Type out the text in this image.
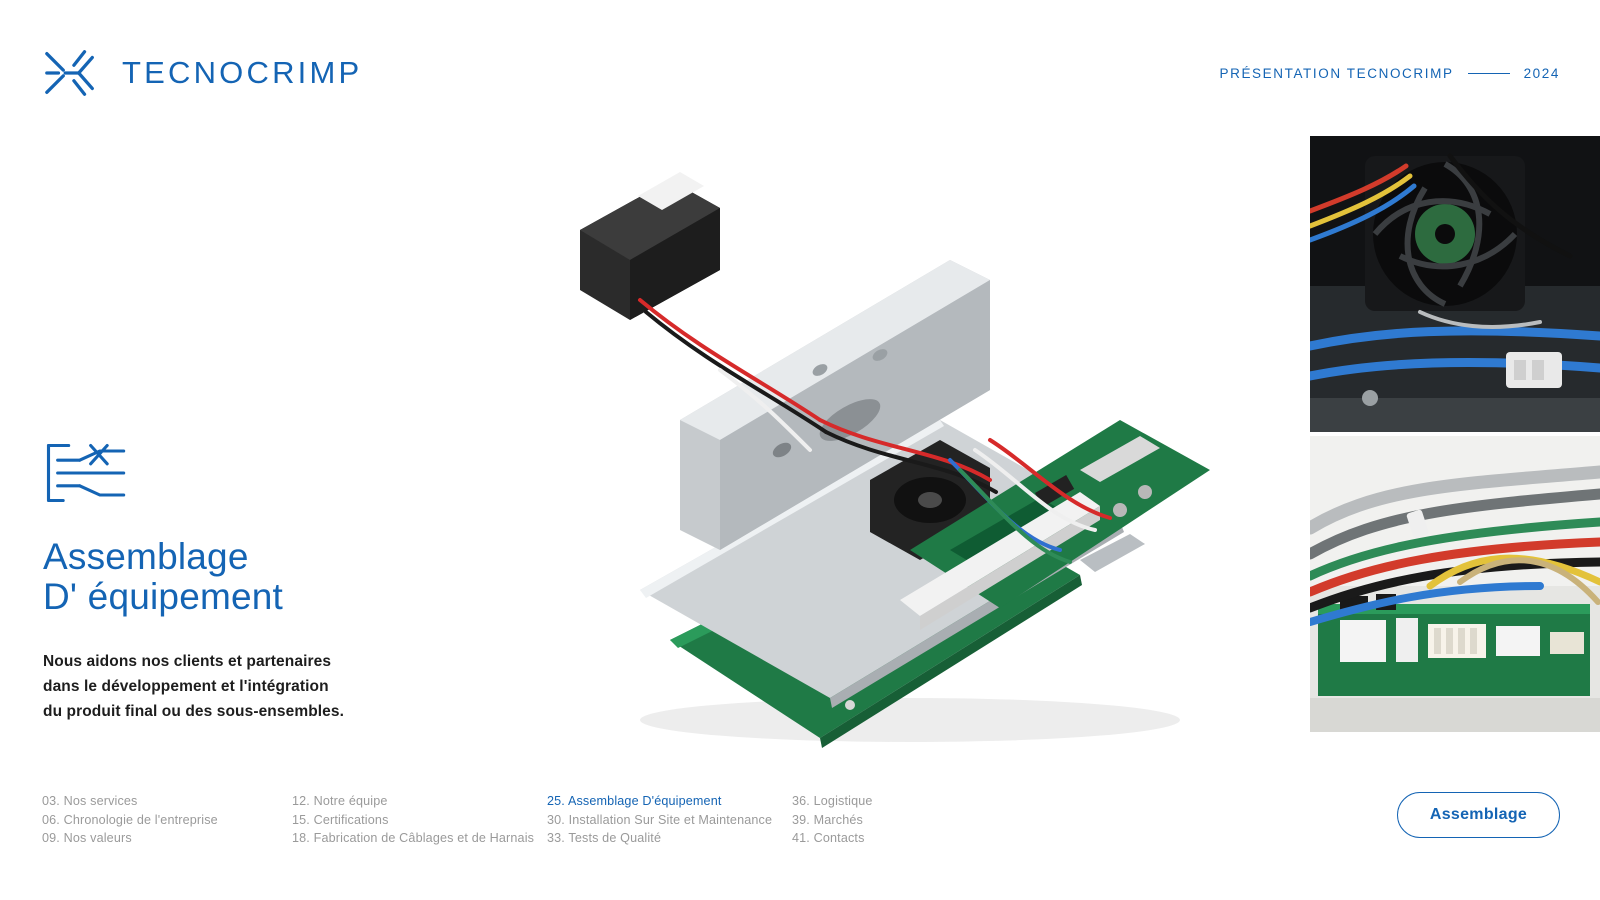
TECNOCRIMP	PRÉSENTATION TECNOCRIMP	2024
Assemblage
D' équipement

Nous aidons nos clients et partenaires
dans le développement et l'intégration
du produit final ou des sous-ensembles.

03. Nos services
06. Chronologie de l'entreprise
09. Nos valeurs
12. Notre équipe
15. Certifications
18. Fabrication de Câblages et de Harnais
25. Assemblage D'équipement
30. Installation Sur Site et Maintenance
33. Tests de Qualité
36. Logistique
39. Marchés
41. Contacts
Assemblage
